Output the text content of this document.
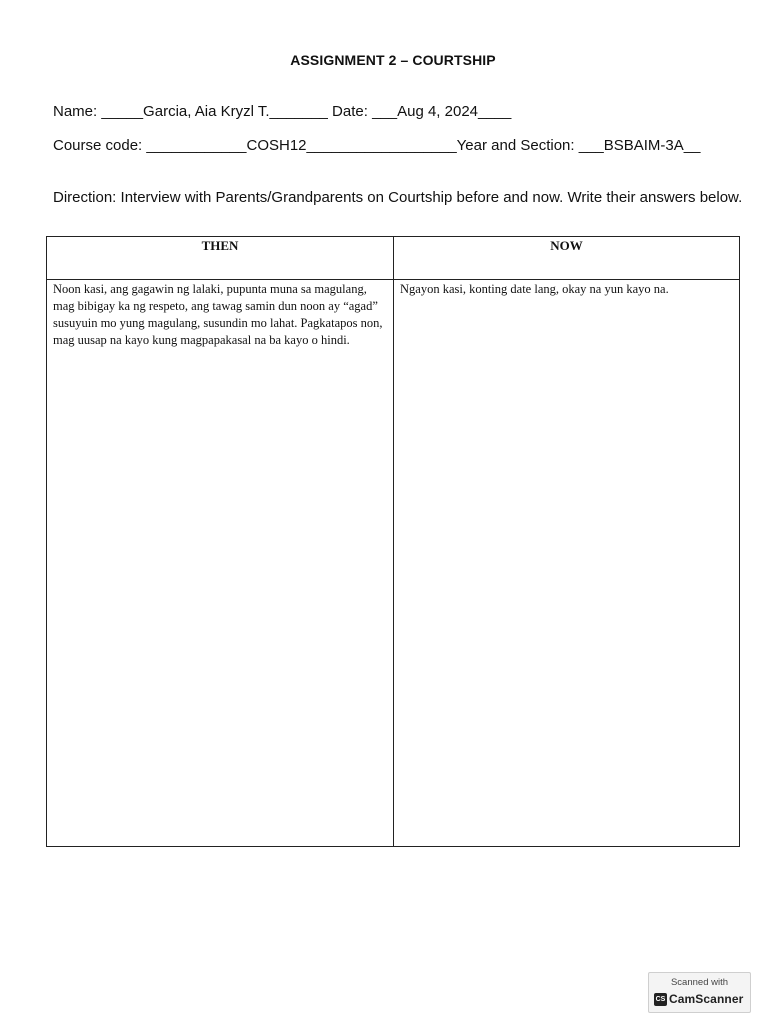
ASSIGNMENT 2 – COURTSHIP
Name: _____Garcia, Aia Kryzl T._______ Date: ___Aug 4, 2024____
Course code: ____________COSH12__________________Year and Section: ___BSBAIM-3A__
Direction: Interview with Parents/Grandparents on Courtship before and now. Write their answers below.
THEN	NOW
Noon kasi, ang gagawin ng lalaki, pupunta muna sa magulang, mag bibigay ka ng respeto, ang tawag samin dun noon ay “agad” susuyuin mo yung magulang, susundin mo lahat. Pagkatapos non, mag uusap na kayo kung magpapakasal na ba kayo o hindi.	Ngayon kasi, konting date lang, okay na yun kayo na.
Scanned with
CS CamScanner
